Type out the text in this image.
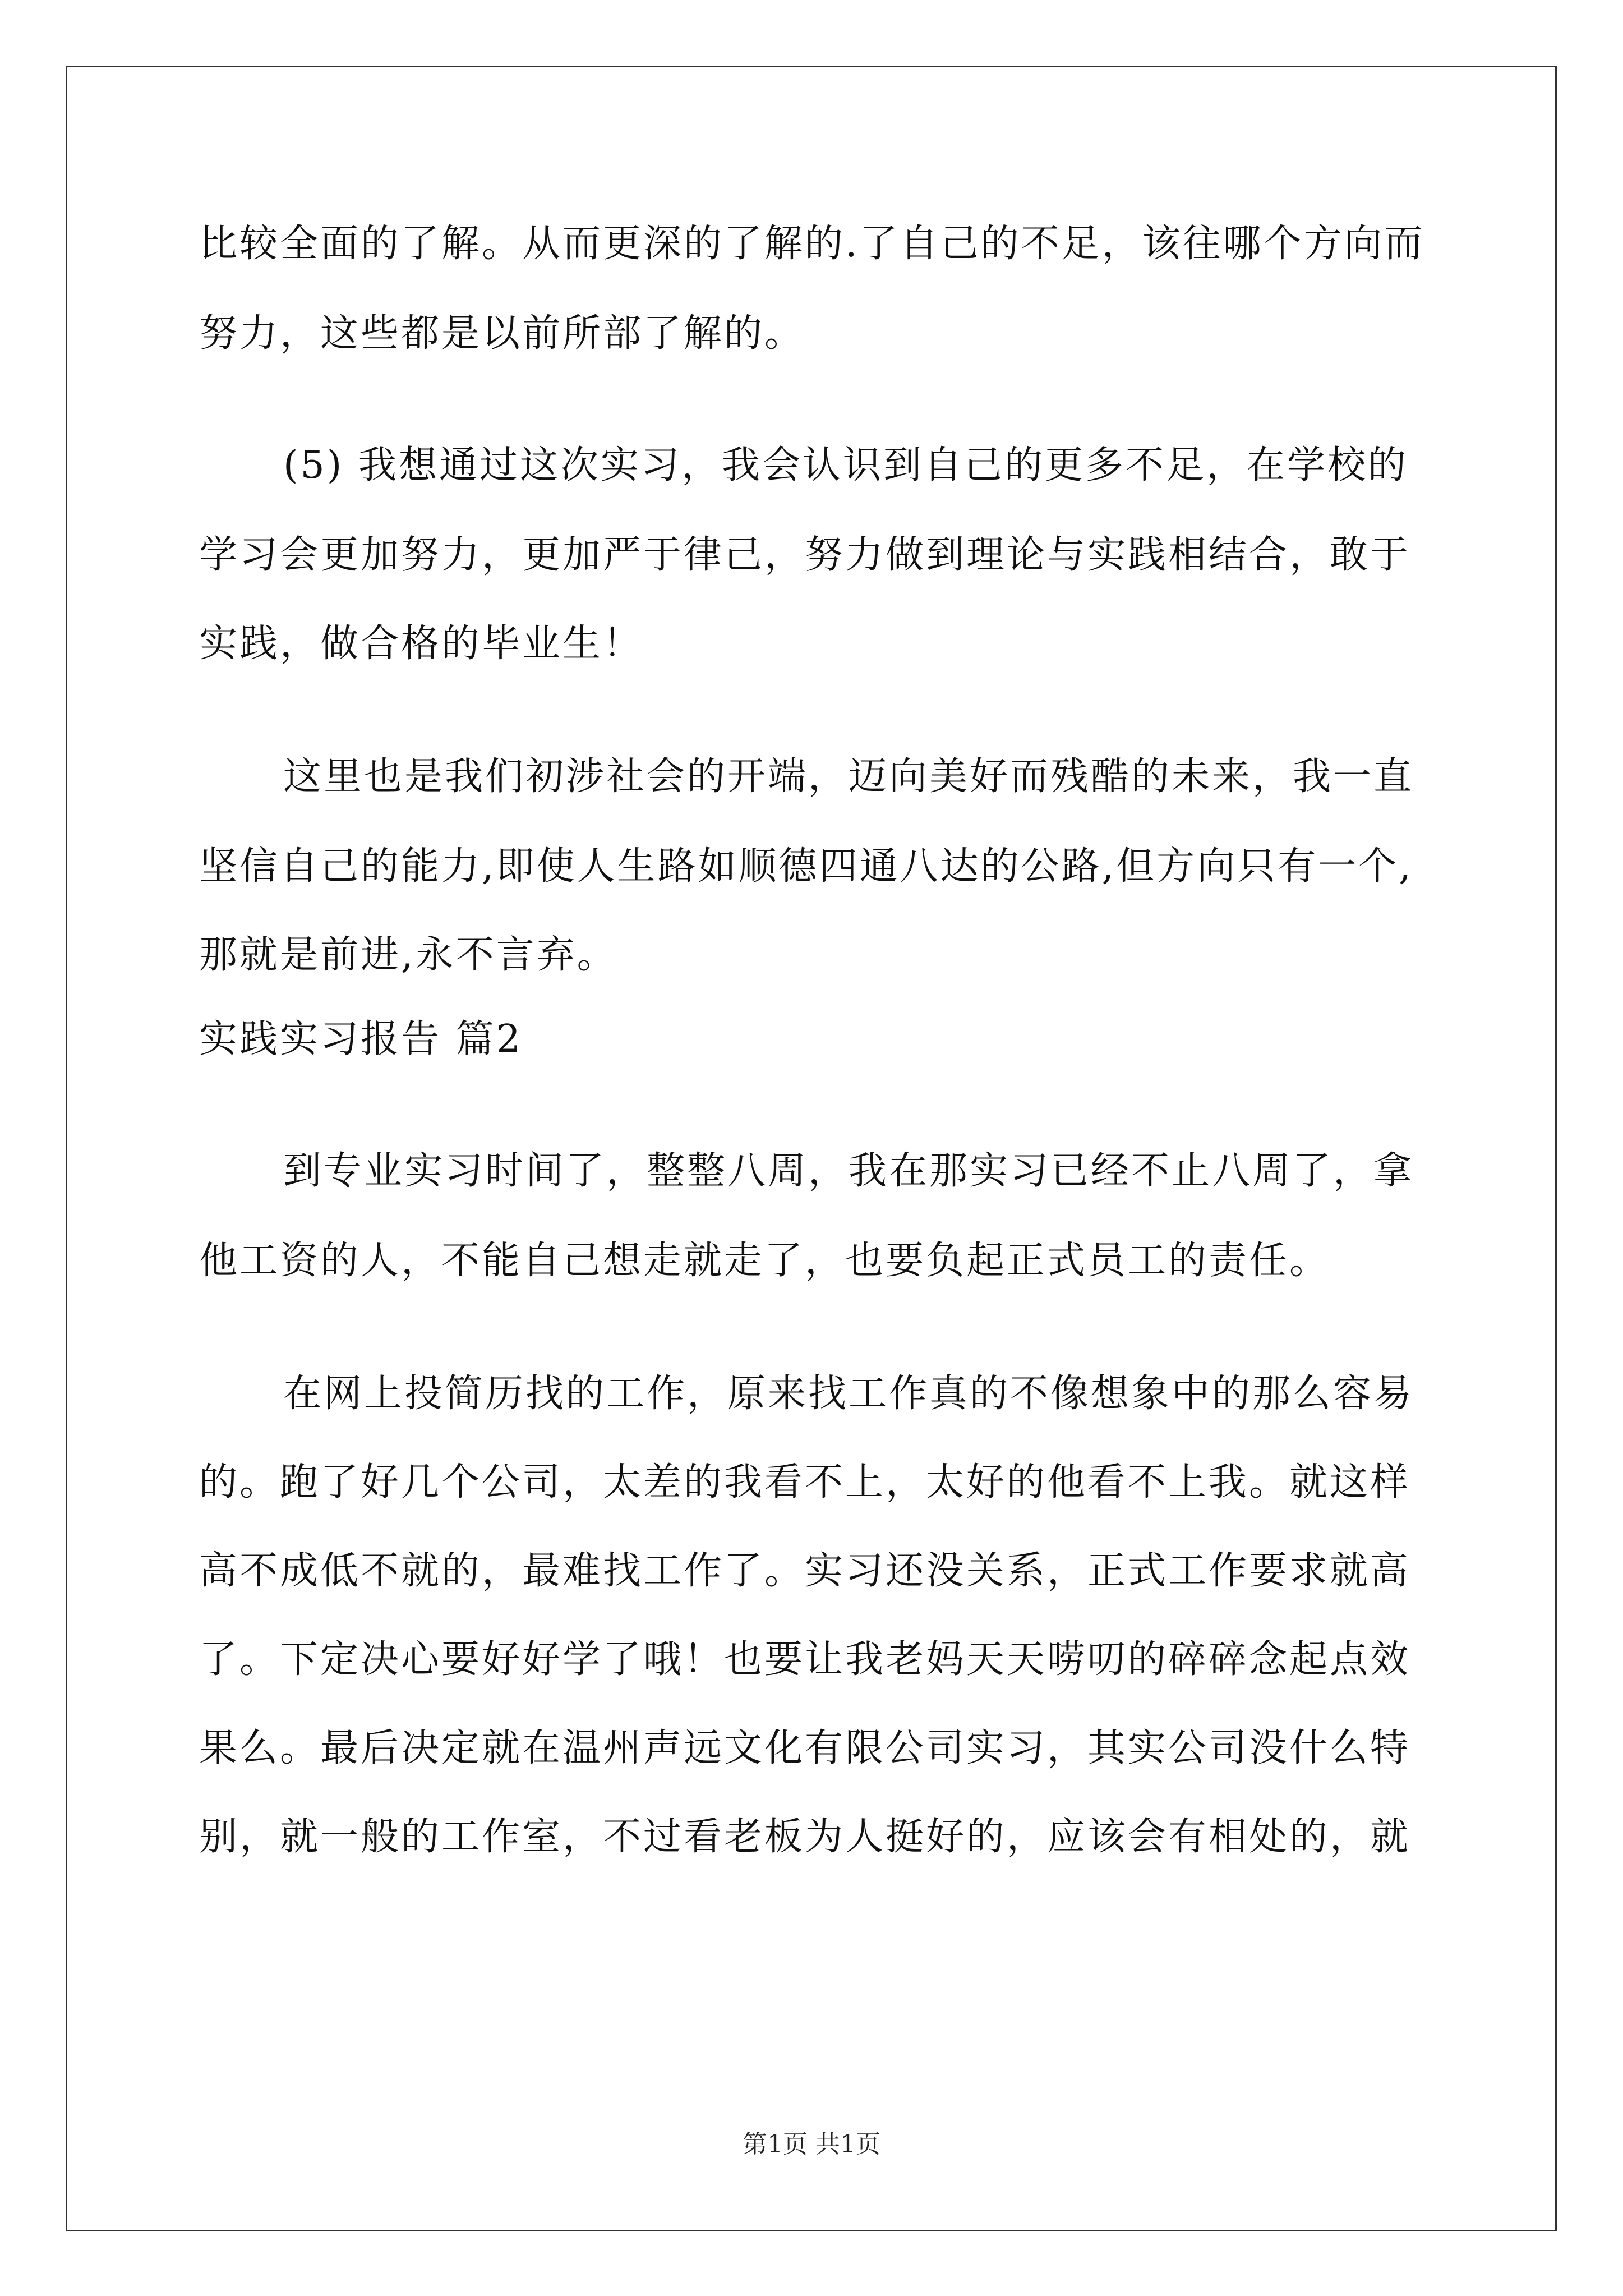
比较全面的了解。从而更深的了解的.了自己的不足，该往哪个方向而
努力，这些都是以前所部了解的。
(5) 我想通过这次实习，我会认识到自己的更多不足，在学校的
学习会更加努力，更加严于律己，努力做到理论与实践相结合，敢于
实践，做合格的毕业生！
这里也是我们初涉社会的开端，迈向美好而残酷的未来，我一直
坚信自己的能力,即使人生路如顺德四通八达的公路,但方向只有一个,
那就是前进,永不言弃。
实践实习报告 篇2
到专业实习时间了，整整八周，我在那实习已经不止八周了，拿
他工资的人，不能自己想走就走了，也要负起正式员工的责任。
在网上投简历找的工作，原来找工作真的不像想象中的那么容易
的。跑了好几个公司，太差的我看不上，太好的他看不上我。就这样
高不成低不就的，最难找工作了。实习还没关系，正式工作要求就高
了。下定决心要好好学了哦！也要让我老妈天天唠叨的碎碎念起点效
果么。最后决定就在温州声远文化有限公司实习，其实公司没什么特
别，就一般的工作室，不过看老板为人挺好的，应该会有相处的，就
第1页 共1页
